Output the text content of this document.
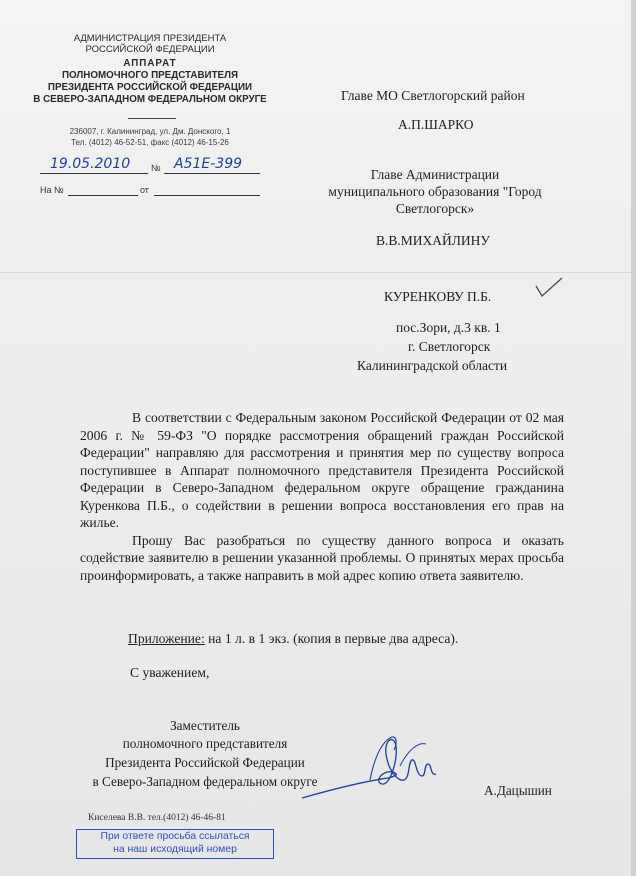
АДМИНИСТРАЦИЯ ПРЕЗИДЕНТА
РОССИЙСКОЙ ФЕДЕРАЦИИ
АППАРАТ
ПОЛНОМОЧНОГО ПРЕДСТАВИТЕЛЯ
ПРЕЗИДЕНТА РОССИЙСКОЙ ФЕДЕРАЦИИ
В СЕВЕРО-ЗАПАДНОМ ФЕДЕРАЛЬНОМ ОКРУГЕ
236007, г. Калининград, ул. Дм. Донского, 1
Тел. (4012) 46-52-51, факс (4012) 46-15-26
19.05.2010 № A51E-399
На №	от
Главе МО Светлогорский район
А.П.ШАРКО
Главе Администрации
муниципального образования "Город
Светлогорск»
В.В.МИХАЙЛИНУ
КУРЕНКОВУ П.Б.
пос.Зори, д.3 кв. 1
г. Светлогорск
Калининградской области

В соответствии с Федеральным законом Российской Федерации от 02 мая 2006 г. № 59-ФЗ "О порядке рассмотрения обращений граждан Российской Федерации" направляю для рассмотрения и принятия мер по существу вопроса поступившее в Аппарат полномочного представителя Президента Российской Федерации в Северо-Западном федеральном округе обращение гражданина Куренкова П.Б., о содействии в решении вопроса восстановления его прав на жилье.

Прошу Вас разобраться по существу данного вопроса и оказать содействие заявителю в решении указанной проблемы. О принятых мерах просьба проинформировать, а также направить в мой адрес копию ответа заявителю.

Приложение: на 1 л. в 1 экз. (копия в первые два адреса).
С уважением,
Заместитель
полномочного представителя
Президента Российской Федерации
в Северо-Западном федеральном округе
А.Дацышин
Киселева В.В. тел.(4012) 46-46-81
При ответе просьба ссылаться
на наш исходящий номер
